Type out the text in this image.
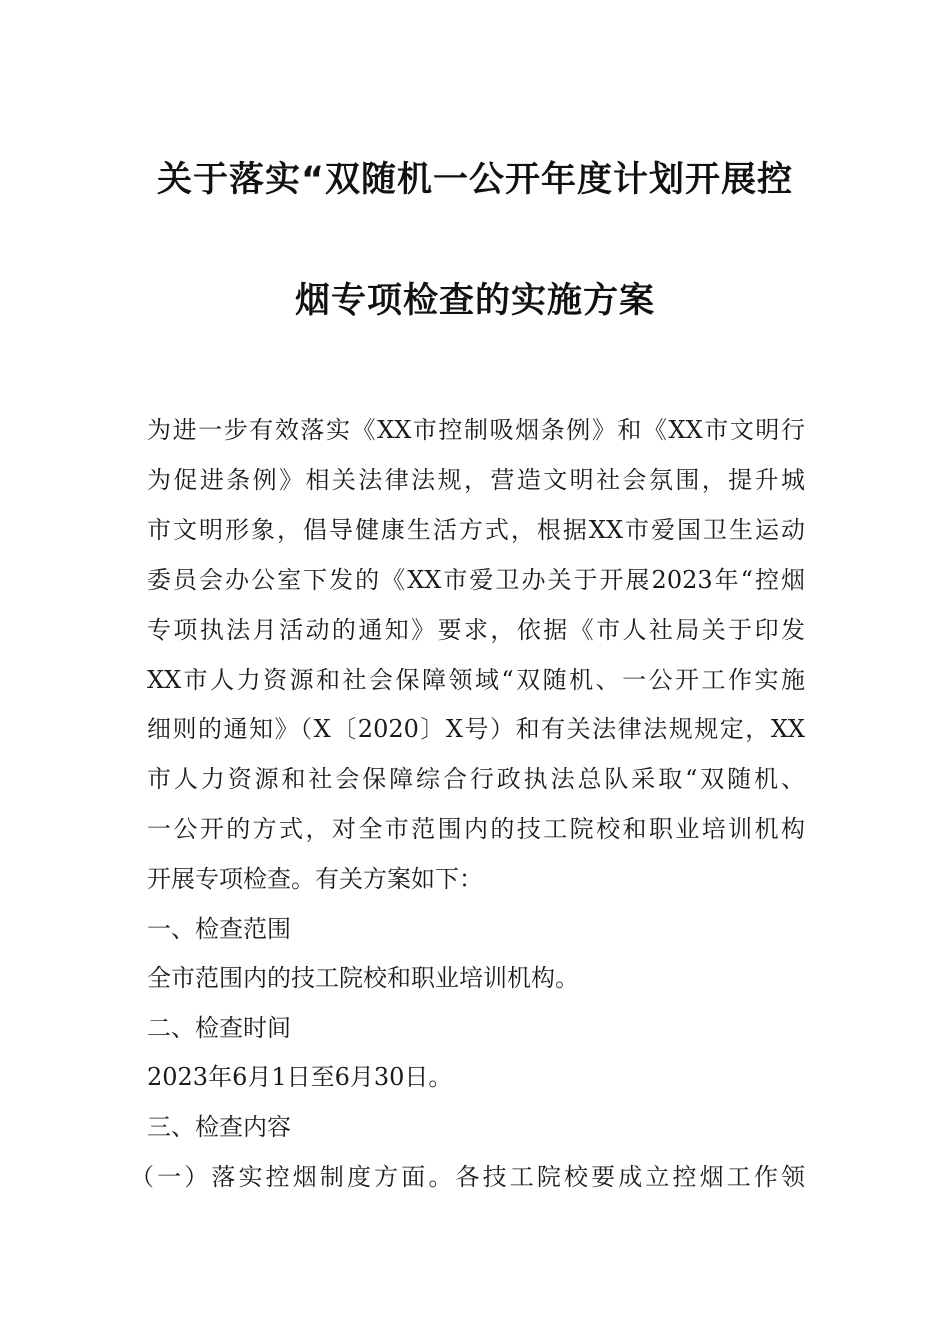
关于落实“双随机一公开年度计划开展控
烟专项检查的实施方案
为进一步有效落实《XX市控制吸烟条例》和《XX市文明行
为促进条例》相关法律法规，营造文明社会氛围，提升城
市文明形象，倡导健康生活方式，根据XX市爱国卫生运动
委员会办公室下发的《XX市爱卫办关于开展2023年“控烟
专项执法月活动的通知》要求，依据《市人社局关于印发
XX市人力资源和社会保障领域“双随机、一公开工作实施
细则的通知》（X〔2020〕X号）和有关法律法规规定，XX
市人力资源和社会保障综合行政执法总队采取“双随机、
一公开的方式，对全市范围内的技工院校和职业培训机构
开展专项检查。有关方案如下：
一、检查范围
全市范围内的技工院校和职业培训机构。
二、检查时间
2023年6月1日至6月30日。
三、检查内容
（一）落实控烟制度方面。各技工院校要成立控烟工作领
